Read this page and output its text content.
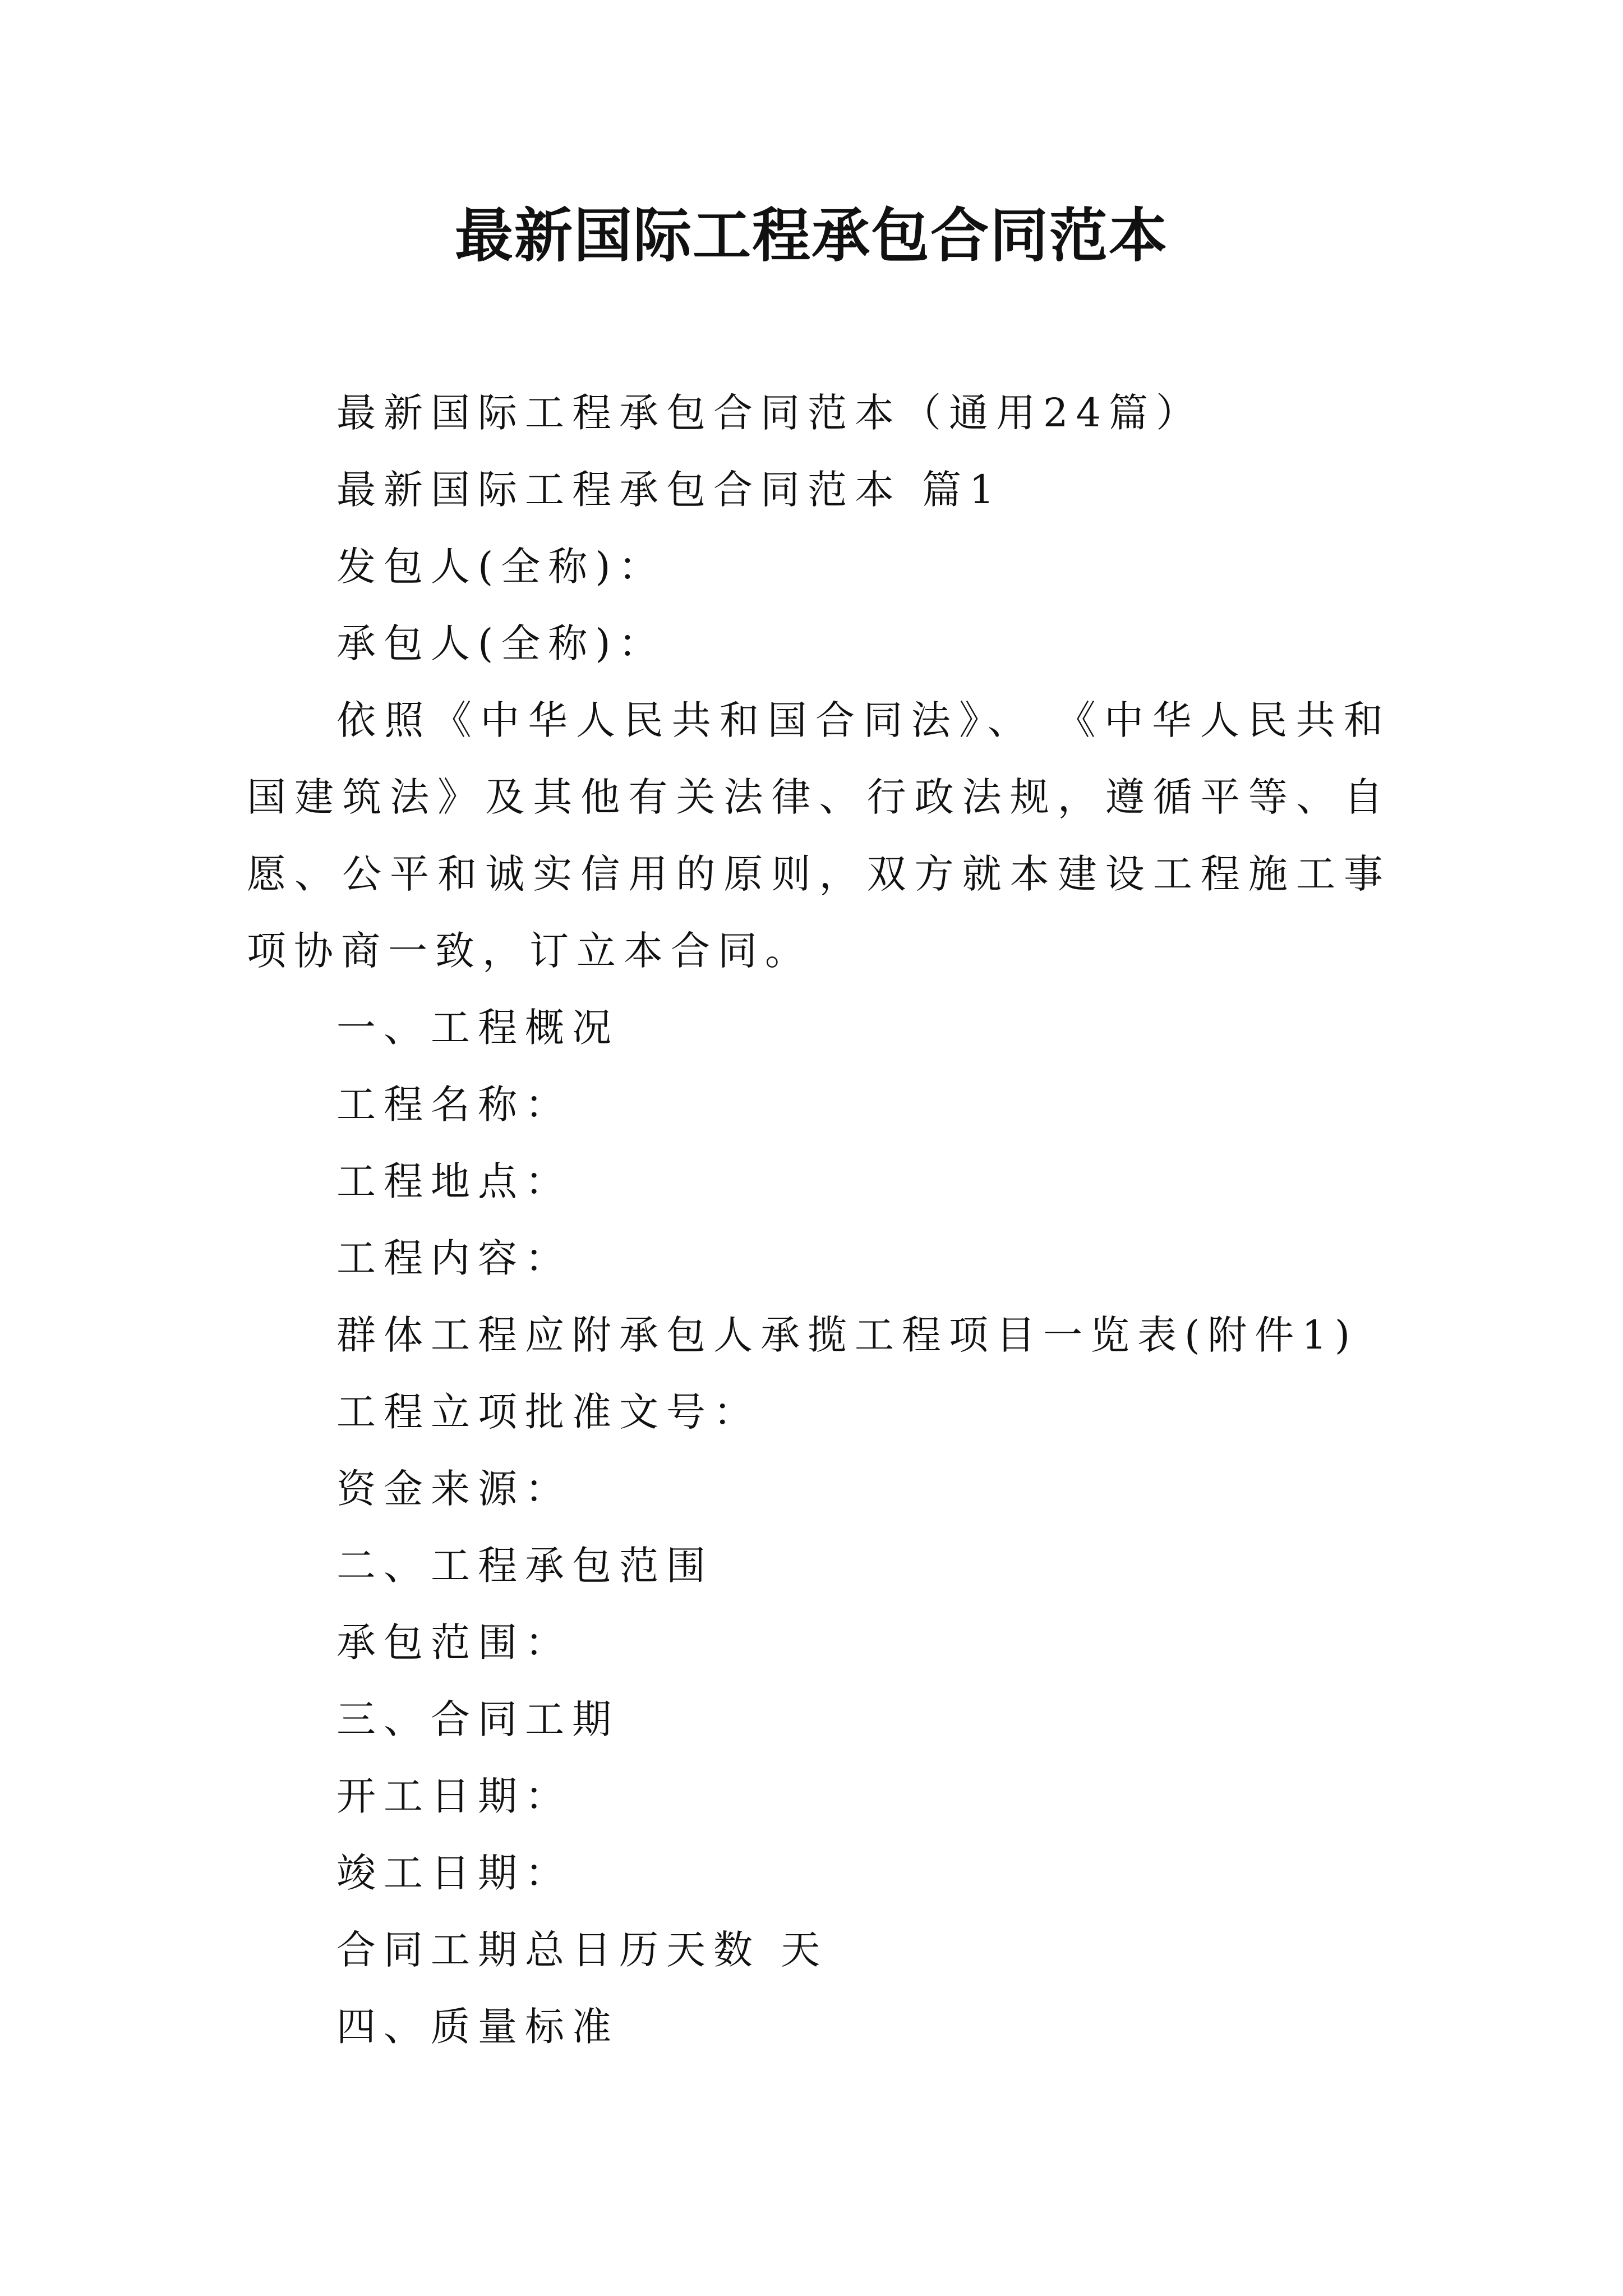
最新国际工程承包合同范本

最新国际工程承包合同范本（通用24篇）

最新国际工程承包合同范本 篇1

发包人(全称)：

承包人(全称)：

依照《中华人民共和国合同法》、 《中华人民共和国建筑法》及其他有关法律、行政法规，遵循平等、自愿、公平和诚实信用的原则，双方就本建设工程施工事项协商一致，订立本合同。

一、工程概况

工程名称：

工程地点：

工程内容：

群体工程应附承包人承揽工程项目一览表(附件1)

工程立项批准文号：

资金来源：

二、工程承包范围

承包范围：

三、合同工期

开工日期：

竣工日期：

合同工期总日历天数 天

四、质量标准
